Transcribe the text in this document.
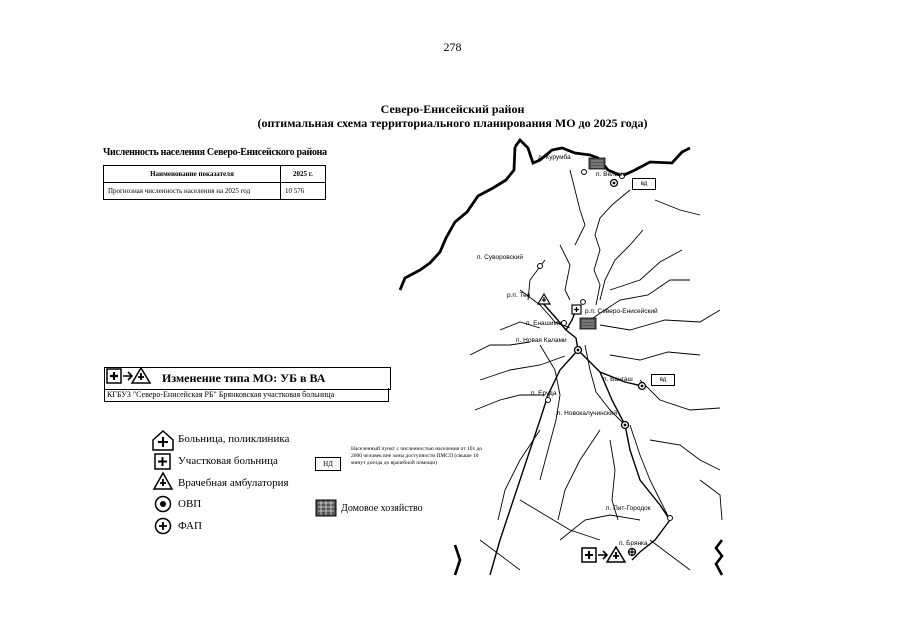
278
Северо-Енисейский район
(оптимальная схема территориального планирования МО до 2025 года)
Численность населения Северо-Енисейского района
Наименование показателя	2025 г.
Прогнозная численность населения на 2025 год	10 576
Изменение типа МО: УБ в ВА
КГБУЗ "Северо-Енисейская РБ" Брянковская участковая больница
Больница, поликлиника
Участковая больница
Врачебная амбулатория
ОВП
ФАП
Домовое хозяйство
НД
Населенный пункт с численностью населения от 101 до 2000 человек вне зоны доступности ПМСП (свыше 10 минут доезда до врачебной помощи)
д. Курумба
п. Вельмо
п. Суворовский
р.п. Тея
р.п. Северо-Енисейский
п. Енашимо
п. Новая Калами
п. Вангаш
п. Еруда
п. Новокалучинский
п. Пит-Городок
п. Брянка
вд
вд
